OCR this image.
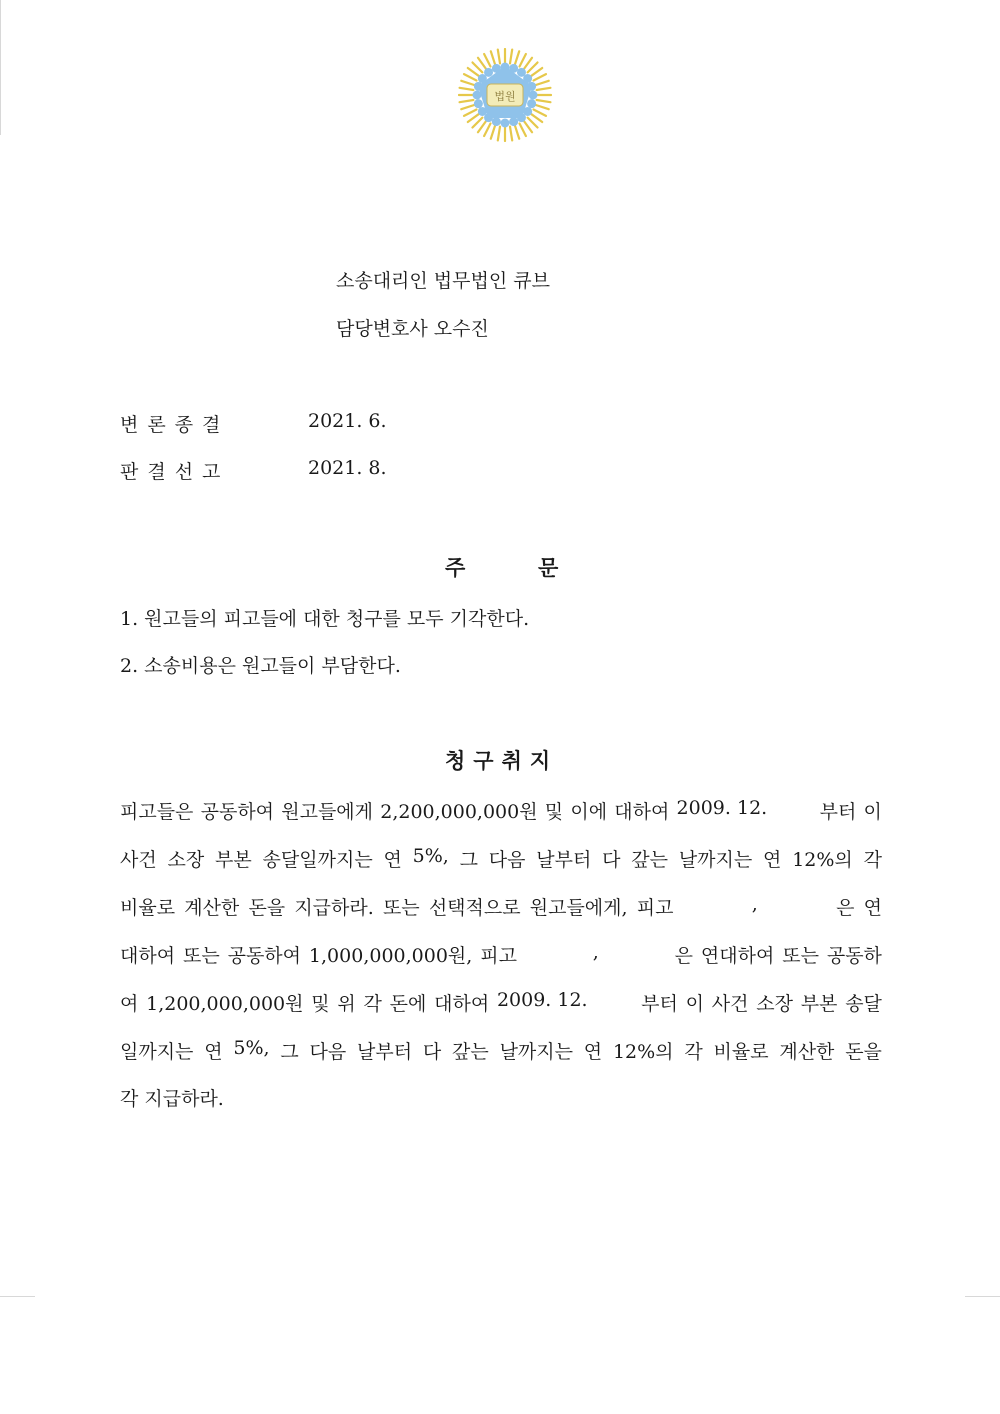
법원
소송대리인 법무법인 큐브
담당변호사 오수진
변론종결	2021. 6.
판결선고	2021. 8.
주	문
1. 원고들의 피고들에 대한 청구를 모두 기각한다.
2. 소송비용은 원고들이 부담한다.
청구취지
피고들은 공동하여 원고들에게 2,200,000,000원 및 이에 대하여 2009. 12.	부터 이
사건 소장 부본 송달일까지는 연 5%, 그 다음 날부터 다 갚는 날까지는 연 12%의 각
비율로 계산한 돈을 지급하라. 또는 선택적으로 원고들에게, 피고	,	은 연
대하여 또는 공동하여 1,000,000,000원, 피고	,	은 연대하여 또는 공동하
여 1,200,000,000원 및 위 각 돈에 대하여 2009. 12.	부터 이 사건 소장 부본 송달
일까지는 연 5%, 그 다음 날부터 다 갚는 날까지는 연 12%의 각 비율로 계산한 돈을
각 지급하라.
